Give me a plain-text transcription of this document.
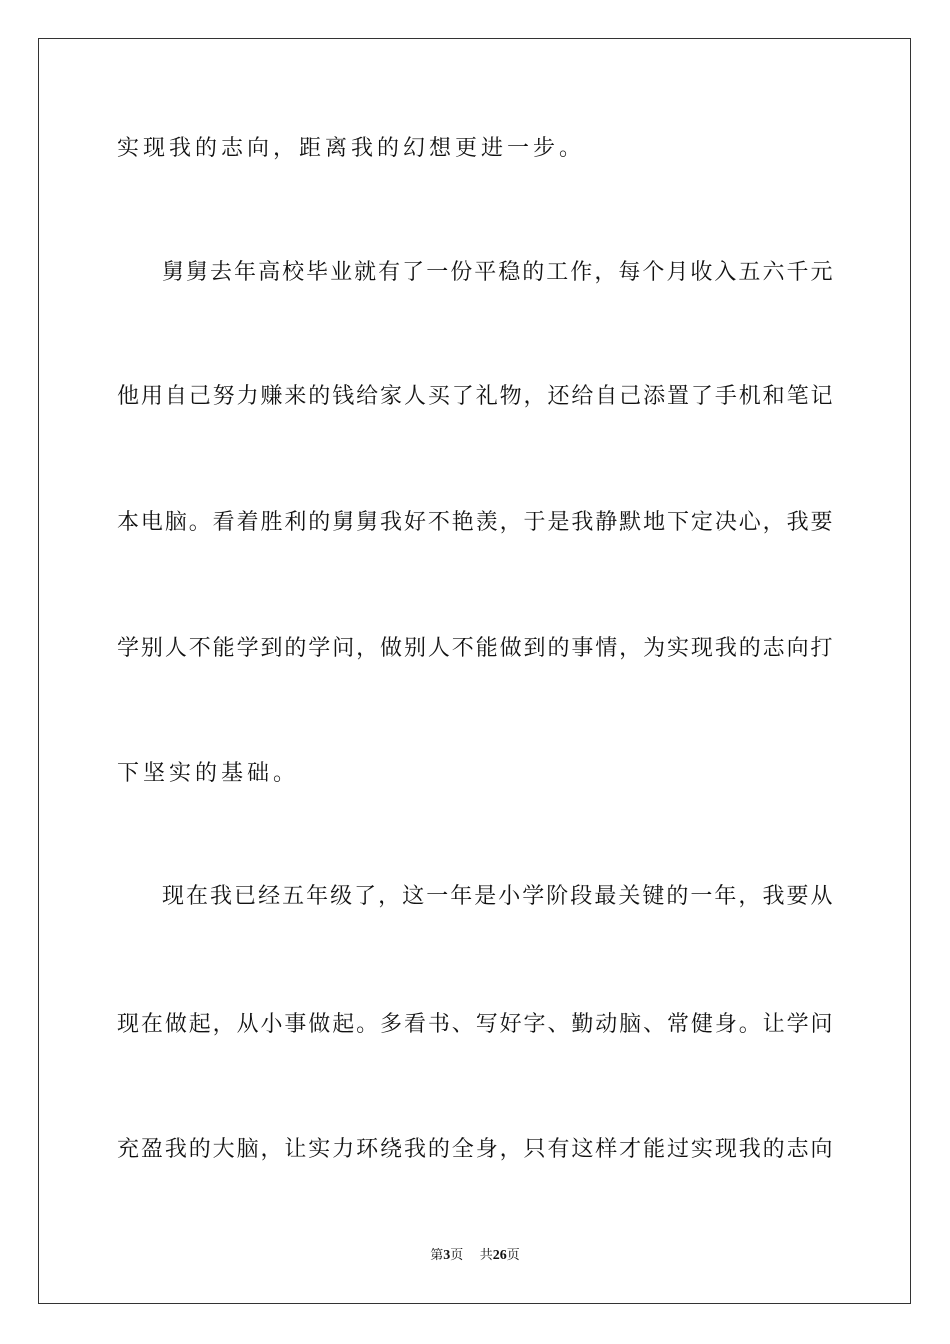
实现我的志向，距离我的幻想更进一步。
舅舅去年高校毕业就有了一份平稳的工作，每个月收入五六千元
他用自己努力赚来的钱给家人买了礼物，还给自己添置了手机和笔记
本电脑。看着胜利的舅舅我好不艳羡，于是我静默地下定决心，我要
学别人不能学到的学问，做别人不能做到的事情，为实现我的志向打
下坚实的基础。
现在我已经五年级了，这一年是小学阶段最关键的一年，我要从
现在做起，从小事做起。多看书、写好字、勤动脑、常健身。让学问
充盈我的大脑，让实力环绕我的全身，只有这样才能过实现我的志向
第3页 共26页
